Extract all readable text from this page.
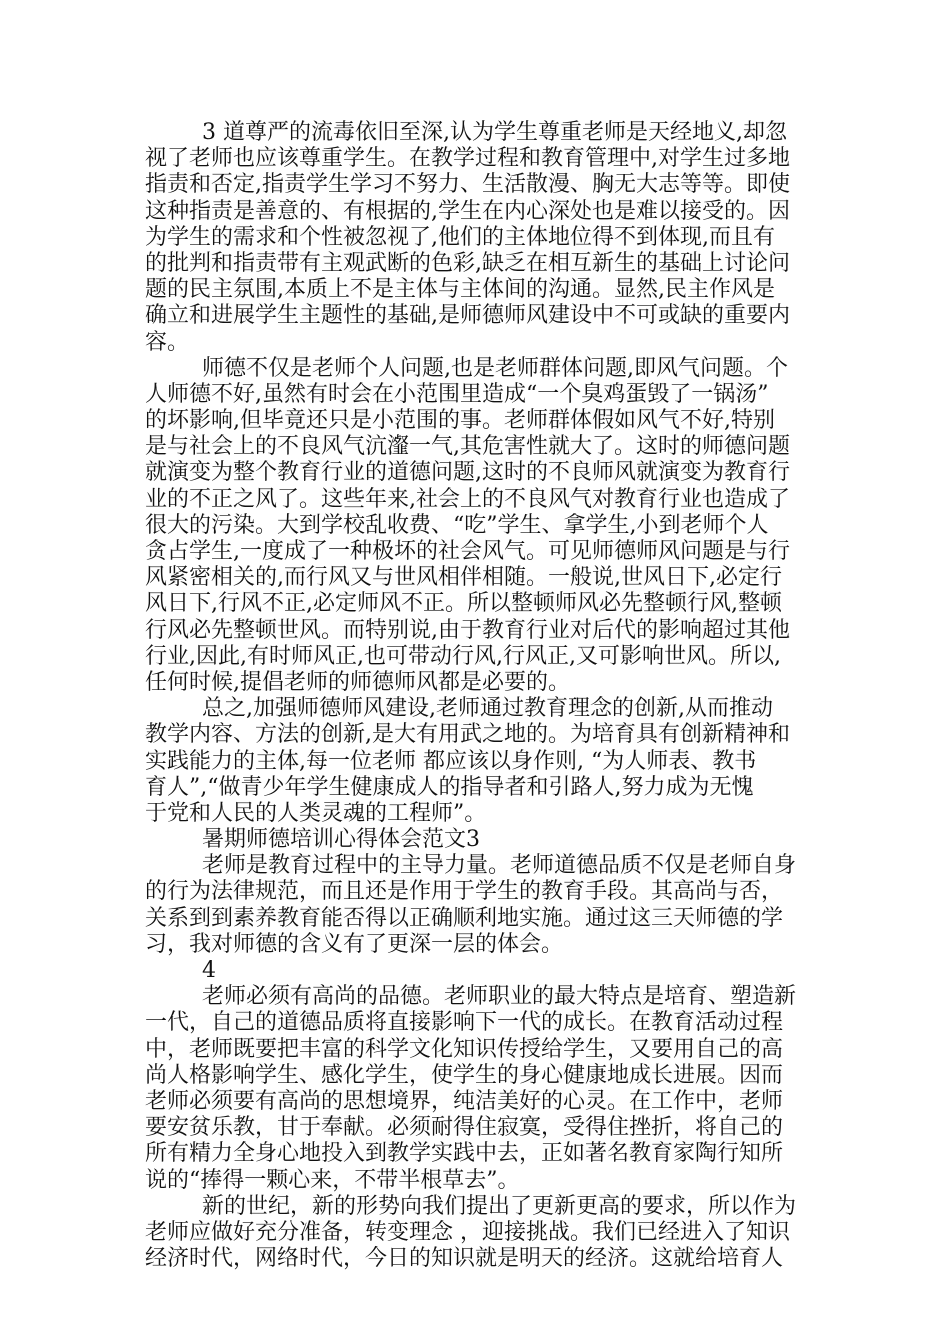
3 道尊严的流毒依旧至深,认为学生尊重老师是天经地义,却忽
视了老师也应该尊重学生。在教学过程和教育管理中,对学生过多地
指责和否定,指责学生学习不努力、生活散漫、胸无大志等等。即使
这种指责是善意的、有根据的,学生在内心深处也是难以接受的。因
为学生的需求和个性被忽视了,他们的主体地位得不到体现,而且有
的批判和指责带有主观武断的色彩,缺乏在相互新生的基础上讨论问
题的民主氛围,本质上不是主体与主体间的沟通。显然,民主作风是
确立和进展学生主题性的基础,是师德师风建设中不可或缺的重要内
容。
师德不仅是老师个人问题,也是老师群体问题,即风气问题。个
人师德不好,虽然有时会在小范围里造成“一个臭鸡蛋毁了一锅汤”
的坏影响,但毕竟还只是小范围的事。老师群体假如风气不好,特别
是与社会上的不良风气沆瀣一气,其危害性就大了。这时的师德问题
就演变为整个教育行业的道德问题,这时的不良师风就演变为教育行
业的不正之风了。这些年来,社会上的不良风气对教育行业也造成了
很大的污染。大到学校乱收费、“吃”学生、拿学生,小到老师个人
贪占学生,一度成了一种极坏的社会风气。可见师德师风问题是与行
风紧密相关的,而行风又与世风相伴相随。一般说,世风日下,必定行
风日下,行风不正,必定师风不正。所以整顿师风必先整顿行风,整顿
行风必先整顿世风。而特别说,由于教育行业对后代的影响超过其他
行业,因此,有时师风正,也可带动行风,行风正,又可影响世风。所以,
任何时候,提倡老师的师德师风都是必要的。
总之,加强师德师风建设,老师通过教育理念的创新,从而推动
教学内容、方法的创新,是大有用武之地的。为培育具有创新精神和
实践能力的主体,每一位老师 都应该以身作则, “为人师表、教书
育人”,“做青少年学生健康成人的指导者和引路人,努力成为无愧
于党和人民的人类灵魂的工程师”。
暑期师德培训心得体会范文3
老师是教育过程中的主导力量。老师道德品质不仅是老师自身
的行为法律规范，而且还是作用于学生的教育手段。其高尚与否，
关系到到素养教育能否得以正确顺利地实施。通过这三天师德的学
习，我对师德的含义有了更深一层的体会。
4
老师必须有高尚的品德。老师职业的最大特点是培育、塑造新
一代，自己的道德品质将直接影响下一代的成长。在教育活动过程
中，老师既要把丰富的科学文化知识传授给学生，又要用自己的高
尚人格影响学生、感化学生，使学生的身心健康地成长进展。因而
老师必须要有高尚的思想境界，纯洁美好的心灵。在工作中，老师
要安贫乐教，甘于奉献。必须耐得住寂寞，受得住挫折，将自己的
所有精力全身心地投入到教学实践中去，正如著名教育家陶行知所
说的“捧得一颗心来，不带半根草去”。
新的世纪，新的形势向我们提出了更新更高的要求，所以作为
老师应做好充分准备，转变理念 ，迎接挑战。我们已经进入了知识
经济时代，网络时代，今日的知识就是明天的经济。这就给培育人
